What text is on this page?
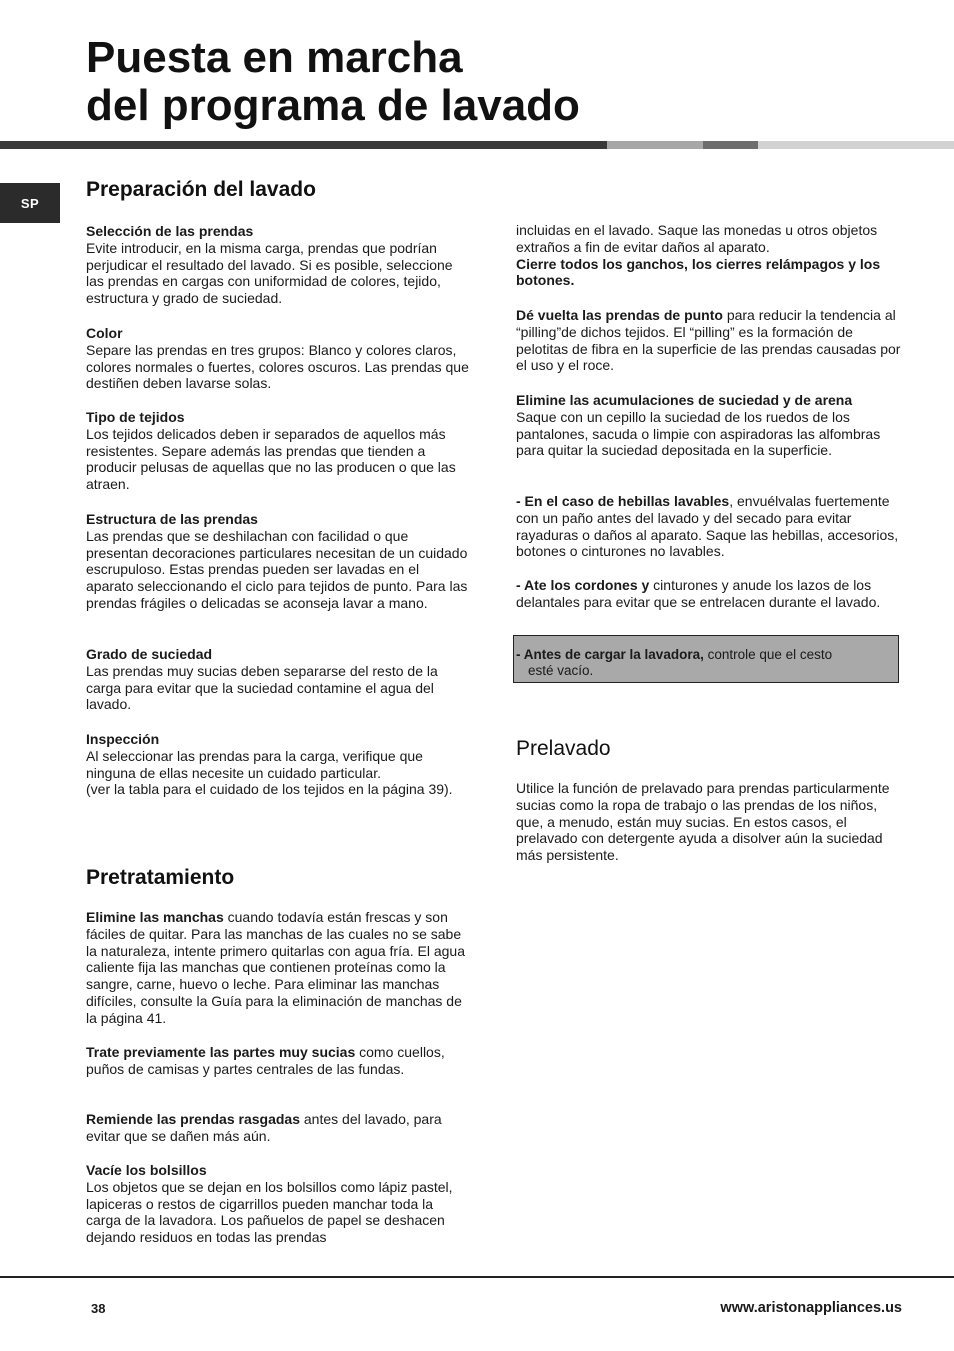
Puesta en marcha
del programa de lavado
SP
Preparación del lavado

Selección de las prendas
Evite introducir, en la misma carga, prendas que podrían perjudicar el resultado del lavado. Si es posible, seleccione las prendas en cargas con uniformidad de colores, tejido, estructura y grado de suciedad.

Color
Separe las prendas en tres grupos: Blanco y colores claros, colores normales o fuertes, colores oscuros. Las prendas que destiñen deben lavarse solas.

Tipo de tejidos
Los tejidos delicados deben ir separados de aquellos más resistentes. Separe además las prendas que tienden a producir pelusas de aquellas que no las producen o que las atraen.

Estructura de las prendas
Las prendas que se deshilachan con facilidad o que presentan decoraciones particulares necesitan de un cuidado escrupuloso. Estas prendas pueden ser lavadas en el aparato seleccionando el ciclo para tejidos de punto. Para las prendas frágiles o delicadas se aconseja lavar a mano.

Grado de suciedad
Las prendas muy sucias deben separarse del resto de la carga para evitar que la suciedad contamine el agua del lavado.

Inspección
Al seleccionar las prendas para la carga, verifique que ninguna de ellas necesite un cuidado particular.
(ver la tabla para el cuidado de los tejidos en la página 39).

Pretratamiento

Elimine las manchas cuando todavía están frescas y son fáciles de quitar. Para las manchas de las cuales no se sabe la naturaleza, intente primero quitarlas con agua fría. El agua caliente fija las manchas que contienen proteínas como la sangre, carne, huevo o leche. Para eliminar las manchas difíciles, consulte la Guía para la eliminación de manchas de la página 41.

Trate previamente las partes muy sucias como cuellos, puños de camisas y partes centrales de las fundas.

Remiende las prendas rasgadas antes del lavado, para evitar que se dañen más aún.

Vacíe los bolsillos
Los objetos que se dejan en los bolsillos como lápiz pastel, lapiceras o restos de cigarrillos pueden manchar toda la carga de la lavadora. Los pañuelos de papel se deshacen dejando residuos en todas las prendas

incluidas en el lavado. Saque las monedas u otros objetos extraños a fin de evitar daños al aparato.
Cierre todos los ganchos, los cierres relámpagos y los botones.

Dé vuelta las prendas de punto para reducir la tendencia al “pilling”de dichos tejidos. El “pilling” es la formación de pelotitas de fibra en la superficie de las prendas causadas por el uso y el roce.

Elimine las acumulaciones de suciedad y de arena
Saque con un cepillo la suciedad de los ruedos de los pantalones, sacuda o limpie con aspiradoras las alfombras para quitar la suciedad depositada en la superficie.

- En el caso de hebillas lavables, envuélvalas fuertemente con un paño antes del lavado y del secado para evitar rayaduras o daños al aparato. Saque las hebillas, accesorios, botones o cinturones no lavables.

- Ate los cordones y cinturones y anude los lazos de los delantales para evitar que se entrelacen durante el lavado.

Prelavado

Utilice la función de prelavado para prendas particularmente sucias como la ropa de trabajo o las prendas de los niños,
que, a menudo, están muy sucias. En estos casos, el prelavado con detergente ayuda a disolver aún la suciedad más persistente.

- Antes de cargar la lavadora, controle que el cesto
esté vacío.
38	www.aristonappliances.us
